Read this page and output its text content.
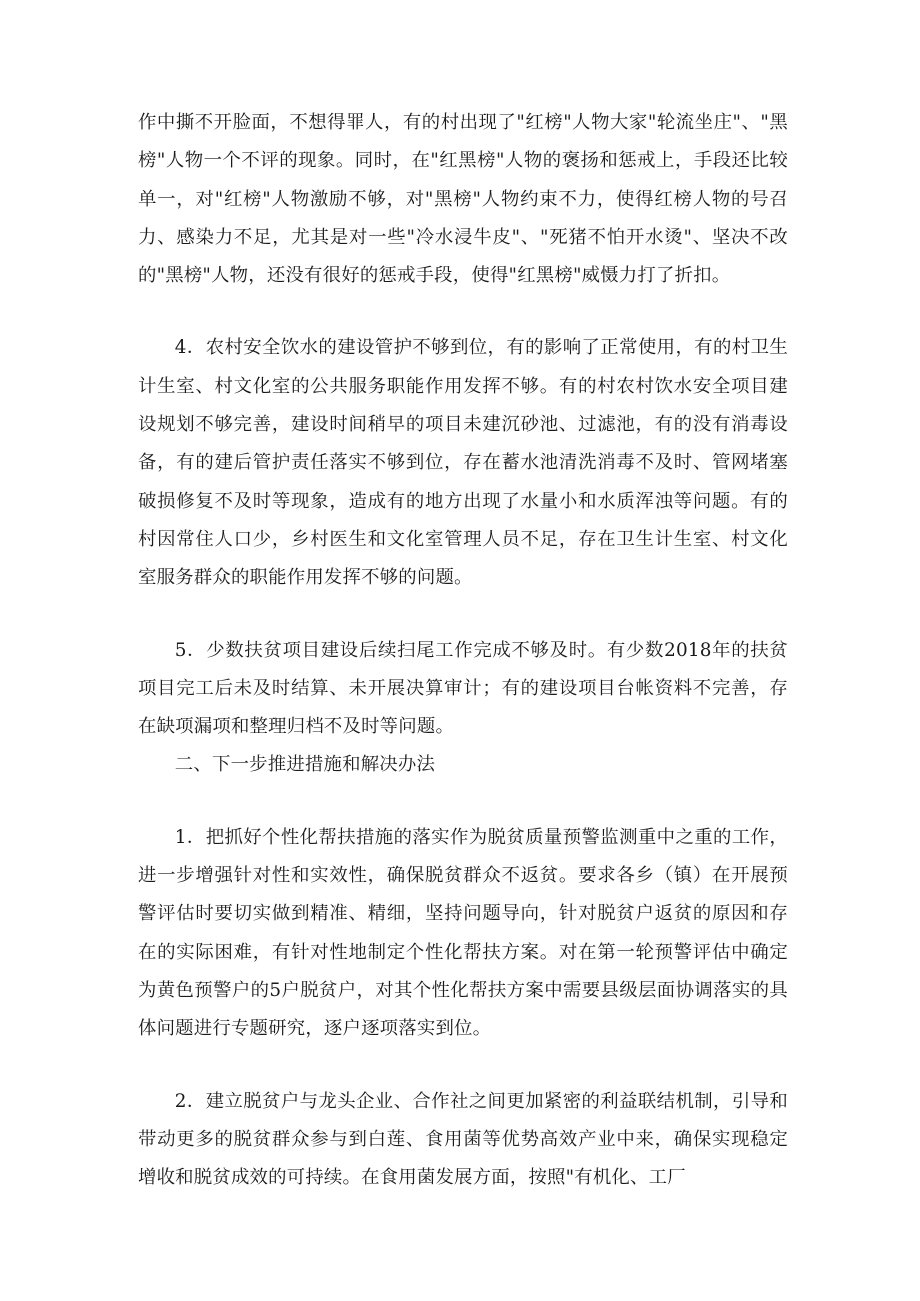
作中撕不开脸面，不想得罪人，有的村出现了"红榜"人物大家"轮流坐庄"、"黑榜"人物一个不评的现象。同时，在"红黑榜"人物的褒扬和惩戒上，手段还比较单一，对"红榜"人物激励不够，对"黑榜"人物约束不力，使得红榜人物的号召力、感染力不足，尤其是对一些"冷水浸牛皮"、"死猪不怕开水烫"、坚决不改的"黑榜"人物，还没有很好的惩戒手段，使得"红黑榜"威慑力打了折扣。

4．农村安全饮水的建设管护不够到位，有的影响了正常使用，有的村卫生计生室、村文化室的公共服务职能作用发挥不够。有的村农村饮水安全项目建设规划不够完善，建设时间稍早的项目未建沉砂池、过滤池，有的没有消毒设备，有的建后管护责任落实不够到位，存在蓄水池清洗消毒不及时、管网堵塞破损修复不及时等现象，造成有的地方出现了水量小和水质浑浊等问题。有的村因常住人口少，乡村医生和文化室管理人员不足，存在卫生计生室、村文化室服务群众的职能作用发挥不够的问题。

5．少数扶贫项目建设后续扫尾工作完成不够及时。有少数2018年的扶贫项目完工后未及时结算、未开展决算审计；有的建设项目台帐资料不完善，存在缺项漏项和整理归档不及时等问题。

二、下一步推进措施和解决办法

1．把抓好个性化帮扶措施的落实作为脱贫质量预警监测重中之重的工作，进一步增强针对性和实效性，确保脱贫群众不返贫。要求各乡（镇）在开展预警评估时要切实做到精准、精细，坚持问题导向，针对脱贫户返贫的原因和存在的实际困难，有针对性地制定个性化帮扶方案。对在第一轮预警评估中确定为黄色预警户的5户脱贫户，对其个性化帮扶方案中需要县级层面协调落实的具体问题进行专题研究，逐户逐项落实到位。

2．建立脱贫户与龙头企业、合作社之间更加紧密的利益联结机制，引导和带动更多的脱贫群众参与到白莲、食用菌等优势高效产业中来，确保实现稳定增收和脱贫成效的可持续。在食用菌发展方面，按照"有机化、工厂
